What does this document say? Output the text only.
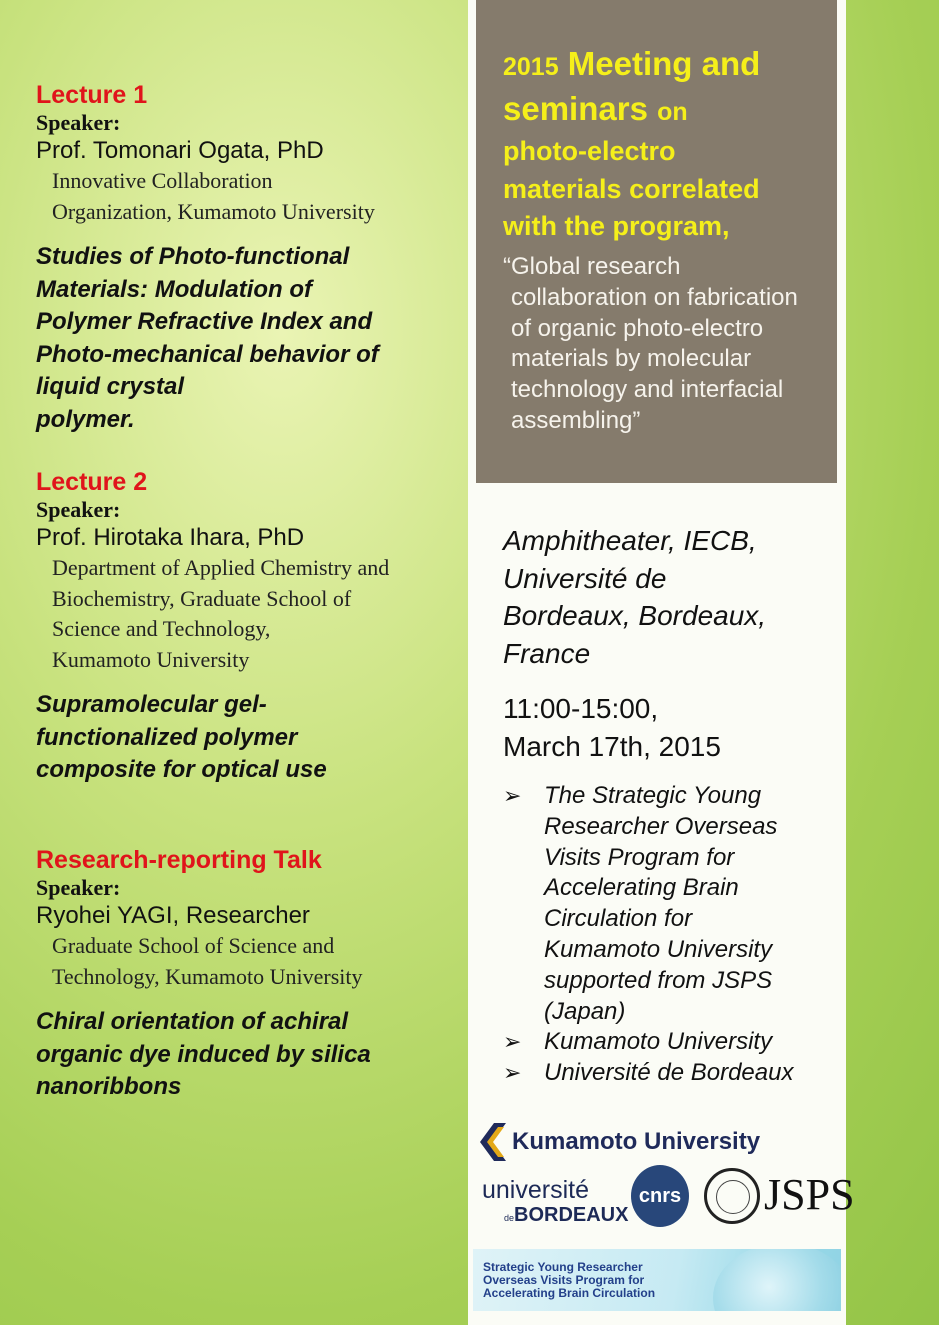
Lecture 1
Speaker:
Prof. Tomonari Ogata, PhD
Innovative Collaboration
Organization, Kumamoto University
Studies of Photo-functional
Materials: Modulation of
Polymer Refractive Index and
Photo-mechanical behavior of
liquid crystal
polymer.
Lecture 2
Speaker:
Prof. Hirotaka Ihara, PhD
Department of Applied Chemistry and
Biochemistry, Graduate School of
Science and Technology,
Kumamoto University
Supramolecular gel-
functionalized polymer
composite for optical use
Research-reporting Talk
Speaker:
Ryohei YAGI, Researcher
Graduate School of Science and
Technology, Kumamoto University
Chiral orientation of achiral
organic dye induced by silica
nanoribbons
2015 Meeting and
seminars on
photo-electro
materials correlated
with the program,
“Global research
collaboration on fabrication
of organic photo-electro
materials by molecular
technology and interfacial
assembling”
Amphitheater, IECB,
Université de
Bordeaux, Bordeaux,
France
11:00-15:00,
March 17th, 2015
➢ The Strategic Young
Researcher Overseas
Visits Program for
Accelerating Brain
Circulation for
Kumamoto University
supported from JSPS
(Japan)
➢ Kumamoto University
➢ Université de Bordeaux
Kumamoto University
université
deBORDEAUX
cnrs JSPS
Strategic Young Researcher
Overseas Visits Program for
Accelerating Brain Circulation
